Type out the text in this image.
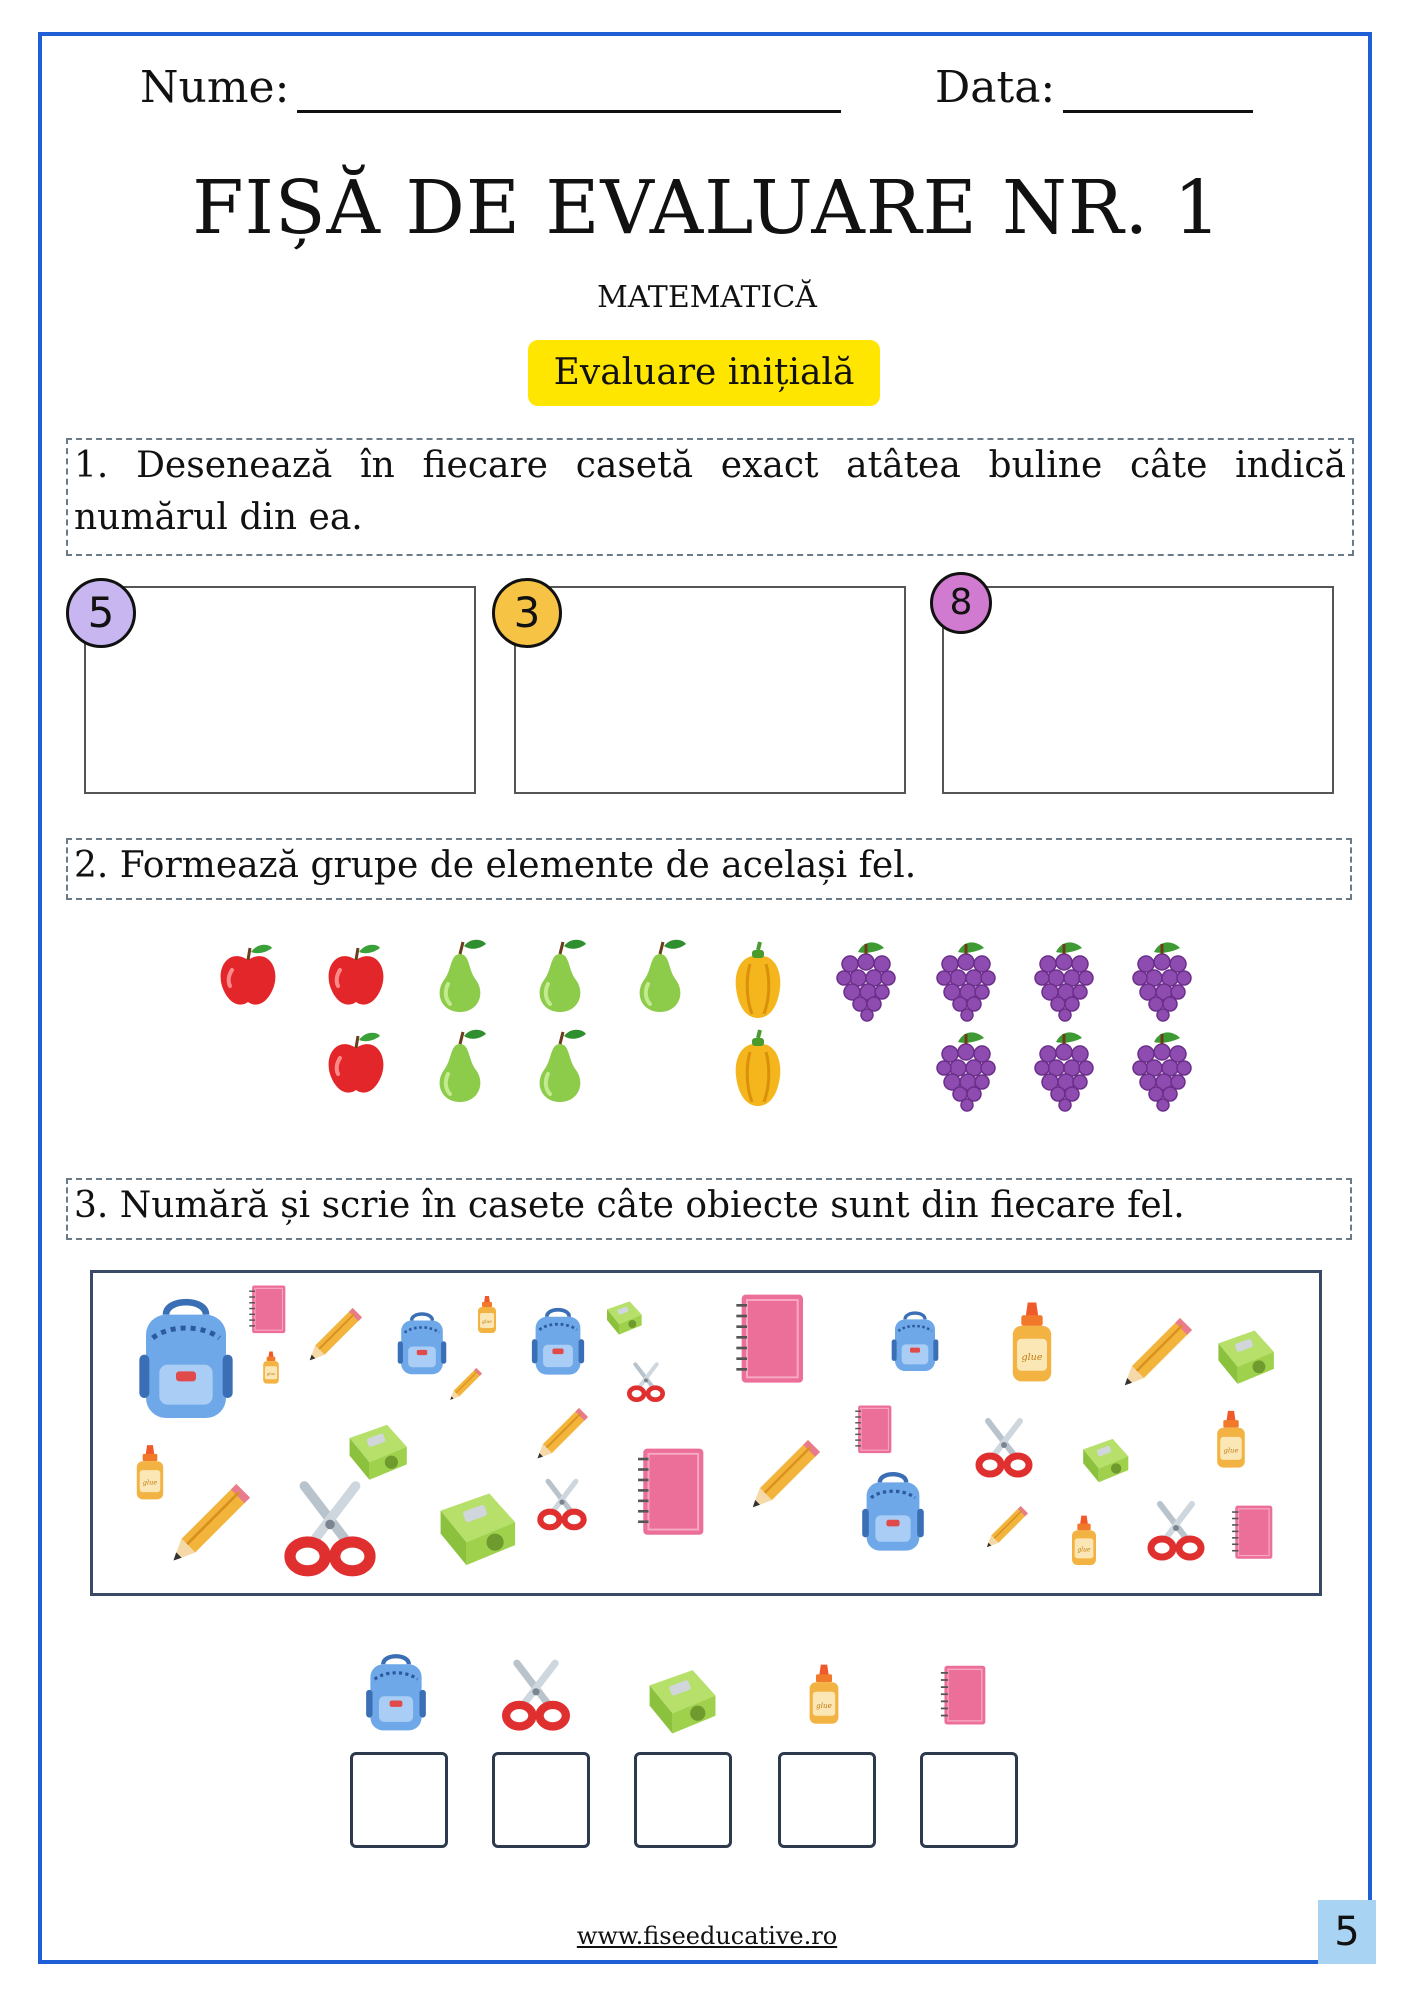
Nume:	Data:
FIȘĂ DE EVALUARE NR. 1
MATEMATICĂ
Evaluare inițială
1. Desenează în fiecare casetă exact atâtea buline câte indică numărul din ea.
5	3	8
2. Formează grupe de elemente de același fel.
3. Numără și scrie în casete câte obiecte sunt din fiecare fel.
www.fiseeducative.ro	5
